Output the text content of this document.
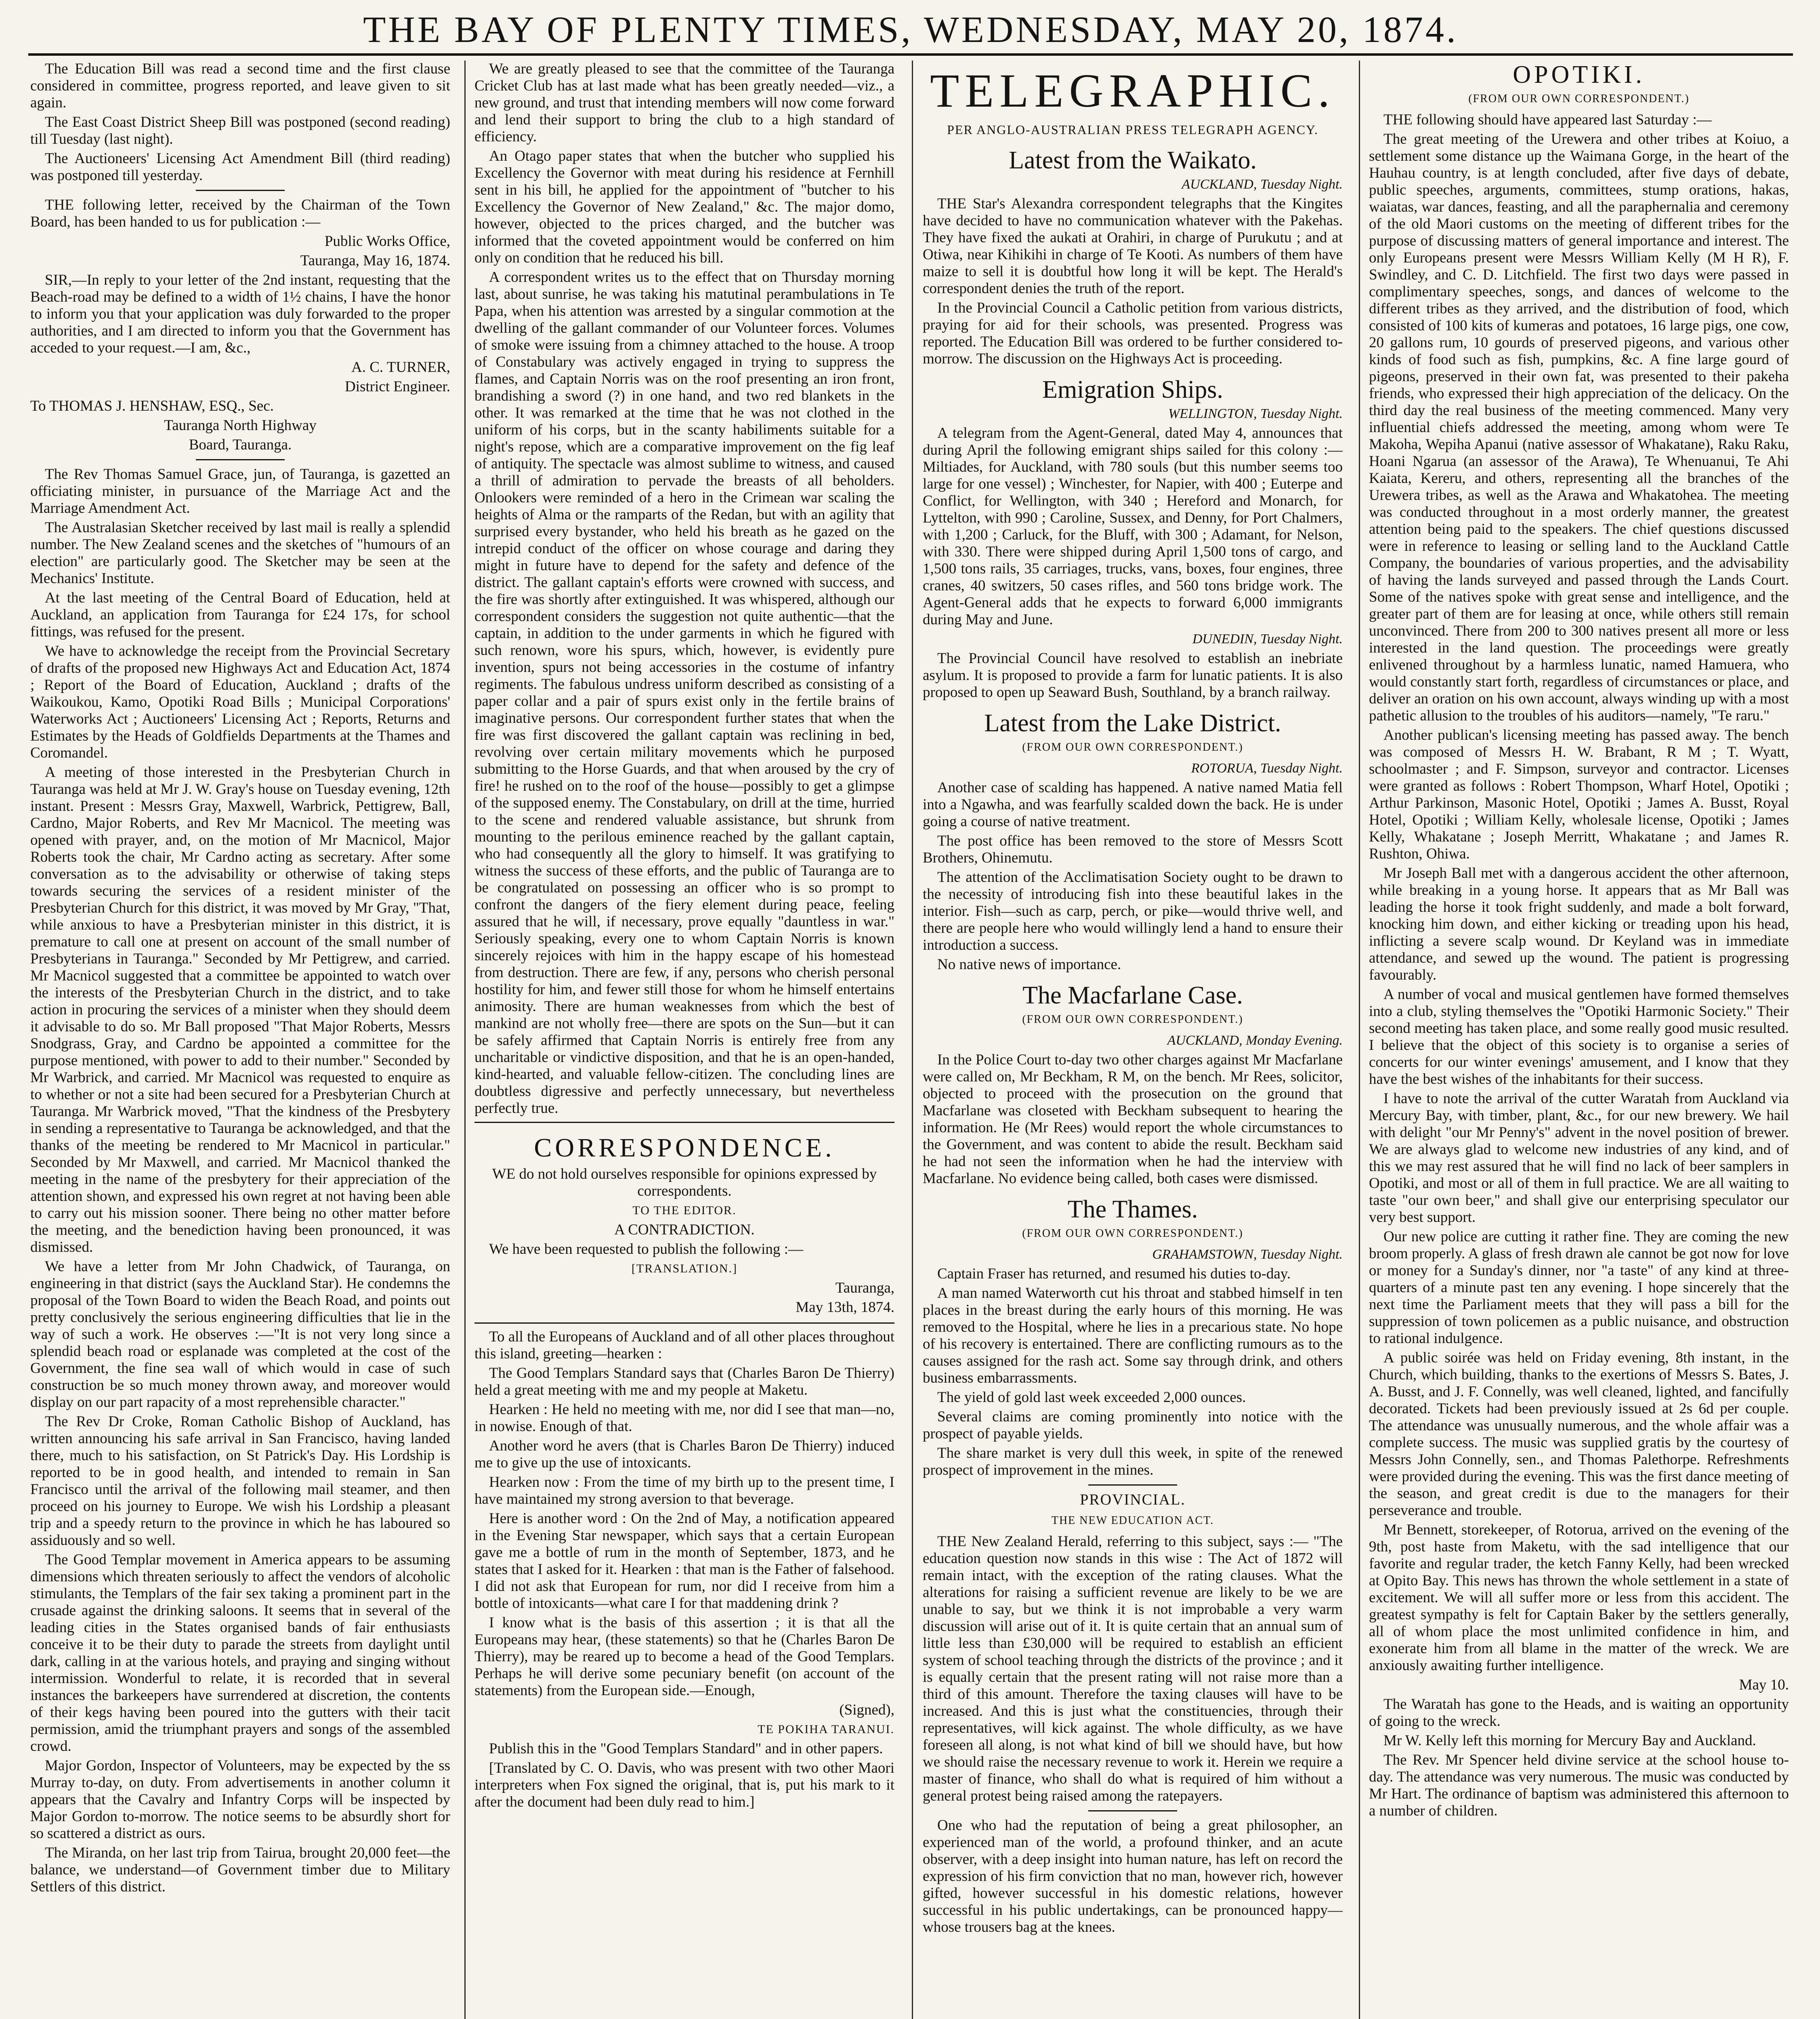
THE BAY OF PLENTY TIMES, WEDNESDAY, MAY 20, 1874.

The Education Bill was read a second time and the first clause considered in committee, progress reported, and leave given to sit again.

The East Coast District Sheep Bill was postponed (second reading) till Tuesday (last night).

The Auctioneers' Licensing Act Amendment Bill (third reading) was postponed till yesterday.

THE following letter, received by the Chairman of the Town Board, has been handed to us for publication :—

Public Works Office,

Tauranga, May 16, 1874.

SIR,—In reply to your letter of the 2nd instant, requesting that the Beach-road may be defined to a width of 1½ chains, I have the honor to inform you that your application was duly forwarded to the proper authorities, and I am directed to inform you that the Government has acceded to your request.—I am, &c.,

A. C. TURNER,

District Engineer.

To THOMAS J. HENSHAW, ESQ., Sec.

Tauranga North Highway

Board, Tauranga.

The Rev Thomas Samuel Grace, jun, of Tauranga, is gazetted an officiating minister, in pursuance of the Marriage Act and the Marriage Amendment Act.

The Australasian Sketcher received by last mail is really a splendid number. The New Zealand scenes and the sketches of "humours of an election" are particularly good. The Sketcher may be seen at the Mechanics' Institute.

At the last meeting of the Central Board of Education, held at Auckland, an application from Tauranga for £24 17s, for school fittings, was refused for the present.

We have to acknowledge the receipt from the Provincial Secretary of drafts of the proposed new Highways Act and Education Act, 1874 ; Report of the Board of Education, Auckland ; drafts of the Waikoukou, Kamo, Opotiki Road Bills ; Municipal Corporations' Waterworks Act ; Auctioneers' Licensing Act ; Reports, Returns and Estimates by the Heads of Goldfields Departments at the Thames and Coromandel.

A meeting of those interested in the Presbyterian Church in Tauranga was held at Mr J. W. Gray's house on Tuesday evening, 12th instant. Present : Messrs Gray, Maxwell, Warbrick, Pettigrew, Ball, Cardno, Major Roberts, and Rev Mr Macnicol. The meeting was opened with prayer, and, on the motion of Mr Macnicol, Major Roberts took the chair, Mr Cardno acting as secretary. After some conversation as to the advisability or otherwise of taking steps towards securing the services of a resident minister of the Presbyterian Church for this district, it was moved by Mr Gray, "That, while anxious to have a Presbyterian minister in this district, it is premature to call one at present on account of the small number of Presbyterians in Tauranga." Seconded by Mr Pettigrew, and carried. Mr Macnicol suggested that a committee be appointed to watch over the interests of the Presbyterian Church in the district, and to take action in procuring the services of a minister when they should deem it advisable to do so. Mr Ball proposed "That Major Roberts, Messrs Snodgrass, Gray, and Cardno be appointed a committee for the purpose mentioned, with power to add to their number." Seconded by Mr Warbrick, and carried. Mr Macnicol was requested to enquire as to whether or not a site had been secured for a Presbyterian Church at Tauranga. Mr Warbrick moved, "That the kindness of the Presbytery in sending a representative to Tauranga be acknowledged, and that the thanks of the meeting be rendered to Mr Macnicol in particular." Seconded by Mr Maxwell, and carried. Mr Macnicol thanked the meeting in the name of the presbytery for their appreciation of the attention shown, and expressed his own regret at not having been able to carry out his mission sooner. There being no other matter before the meeting, and the benediction having been pronounced, it was dismissed.

We have a letter from Mr John Chadwick, of Tauranga, on engineering in that district (says the Auckland Star). He condemns the proposal of the Town Board to widen the Beach Road, and points out pretty conclusively the serious engineering difficulties that lie in the way of such a work. He observes :—"It is not very long since a splendid beach road or esplanade was completed at the cost of the Government, the fine sea wall of which would in case of such construction be so much money thrown away, and moreover would display on our part rapacity of a most reprehensible character."

The Rev Dr Croke, Roman Catholic Bishop of Auckland, has written announcing his safe arrival in San Francisco, having landed there, much to his satisfaction, on St Patrick's Day. His Lordship is reported to be in good health, and intended to remain in San Francisco until the arrival of the following mail steamer, and then proceed on his journey to Europe. We wish his Lordship a pleasant trip and a speedy return to the province in which he has laboured so assiduously and so well.

The Good Templar movement in America appears to be assuming dimensions which threaten seriously to affect the vendors of alcoholic stimulants, the Templars of the fair sex taking a prominent part in the crusade against the drinking saloons. It seems that in several of the leading cities in the States organised bands of fair enthusiasts conceive it to be their duty to parade the streets from daylight until dark, calling in at the various hotels, and praying and singing without intermission. Wonderful to relate, it is recorded that in several instances the barkeepers have surrendered at discretion, the contents of their kegs having been poured into the gutters with their tacit permission, amid the triumphant prayers and songs of the assembled crowd.

Major Gordon, Inspector of Volunteers, may be expected by the ss Murray to-day, on duty. From advertisements in another column it appears that the Cavalry and Infantry Corps will be inspected by Major Gordon to-morrow. The notice seems to be absurdly short for so scattered a district as ours.

The Miranda, on her last trip from Tairua, brought 20,000 feet—the balance, we understand—of Government timber due to Military Settlers of this district.

We are greatly pleased to see that the committee of the Tauranga Cricket Club has at last made what has been greatly needed—viz., a new ground, and trust that intending members will now come forward and lend their support to bring the club to a high standard of efficiency.

An Otago paper states that when the butcher who supplied his Excellency the Governor with meat during his residence at Fernhill sent in his bill, he applied for the appointment of "butcher to his Excellency the Governor of New Zealand," &c. The major domo, however, objected to the prices charged, and the butcher was informed that the coveted appointment would be conferred on him only on condition that he reduced his bill.

A correspondent writes us to the effect that on Thursday morning last, about sunrise, he was taking his matutinal perambulations in Te Papa, when his attention was arrested by a singular commotion at the dwelling of the gallant commander of our Volunteer forces. Volumes of smoke were issuing from a chimney attached to the house. A troop of Constabulary was actively engaged in trying to suppress the flames, and Captain Norris was on the roof presenting an iron front, brandishing a sword (?) in one hand, and two red blankets in the other. It was remarked at the time that he was not clothed in the uniform of his corps, but in the scanty habiliments suitable for a night's repose, which are a comparative improvement on the fig leaf of antiquity. The spectacle was almost sublime to witness, and caused a thrill of admiration to pervade the breasts of all beholders. Onlookers were reminded of a hero in the Crimean war scaling the heights of Alma or the ramparts of the Redan, but with an agility that surprised every bystander, who held his breath as he gazed on the intrepid conduct of the officer on whose courage and daring they might in future have to depend for the safety and defence of the district. The gallant captain's efforts were crowned with success, and the fire was shortly after extinguished. It was whispered, although our correspondent considers the suggestion not quite authentic—that the captain, in addition to the under garments in which he figured with such renown, wore his spurs, which, however, is evidently pure invention, spurs not being accessories in the costume of infantry regiments. The fabulous undress uniform described as consisting of a paper collar and a pair of spurs exist only in the fertile brains of imaginative persons. Our correspondent further states that when the fire was first discovered the gallant captain was reclining in bed, revolving over certain military movements which he purposed submitting to the Horse Guards, and that when aroused by the cry of fire! he rushed on to the roof of the house—possibly to get a glimpse of the supposed enemy. The Constabulary, on drill at the time, hurried to the scene and rendered valuable assistance, but shrunk from mounting to the perilous eminence reached by the gallant captain, who had consequently all the glory to himself. It was gratifying to witness the success of these efforts, and the public of Tauranga are to be congratulated on possessing an officer who is so prompt to confront the dangers of the fiery element during peace, feeling assured that he will, if necessary, prove equally "dauntless in war." Seriously speaking, every one to whom Captain Norris is known sincerely rejoices with him in the happy escape of his homestead from destruction. There are few, if any, persons who cherish personal hostility for him, and fewer still those for whom he himself entertains animosity. There are human weaknesses from which the best of mankind are not wholly free—there are spots on the Sun—but it can be safely affirmed that Captain Norris is entirely free from any uncharitable or vindictive disposition, and that he is an open-handed, kind-hearted, and valuable fellow-citizen. The concluding lines are doubtless digressive and perfectly unnecessary, but nevertheless perfectly true.

CORRESPONDENCE.

WE do not hold ourselves responsible for opinions expressed by correspondents.

TO THE EDITOR.

A CONTRADICTION.

We have been requested to publish the following :—

[TRANSLATION.]

Tauranga,

May 13th, 1874.

To all the Europeans of Auckland and of all other places throughout this island, greeting—hearken :

The Good Templars Standard says that (Charles Baron De Thierry) held a great meeting with me and my people at Maketu.

Hearken : He held no meeting with me, nor did I see that man—no, in nowise. Enough of that.

Another word he avers (that is Charles Baron De Thierry) induced me to give up the use of intoxicants.

Hearken now : From the time of my birth up to the present time, I have maintained my strong aversion to that beverage.

Here is another word : On the 2nd of May, a notification appeared in the Evening Star newspaper, which says that a certain European gave me a bottle of rum in the month of September, 1873, and he states that I asked for it. Hearken : that man is the Father of falsehood. I did not ask that European for rum, nor did I receive from him a bottle of intoxicants—what care I for that maddening drink ?

I know what is the basis of this assertion ; it is that all the Europeans may hear, (these statements) so that he (Charles Baron De Thierry), may be reared up to become a head of the Good Templars. Perhaps he will derive some pecuniary benefit (on account of the statements) from the European side.—Enough,

(Signed),

TE POKIHA TARANUI.

Publish this in the "Good Templars Standard" and in other papers.

[Translated by C. O. Davis, who was present with two other Maori interpreters when Fox signed the original, that is, put his mark to it after the document had been duly read to him.]

TELEGRAPHIC.
PER ANGLO-AUSTRALIAN PRESS TELEGRAPH AGENCY.
Latest from the Waikato.

AUCKLAND, Tuesday Night.

THE Star's Alexandra correspondent telegraphs that the Kingites have decided to have no communication whatever with the Pakehas. They have fixed the aukati at Orahiri, in charge of Purukutu ; and at Otiwa, near Kihikihi in charge of Te Kooti. As numbers of them have maize to sell it is doubtful how long it will be kept. The Herald's correspondent denies the truth of the report.

In the Provincial Council a Catholic petition from various districts, praying for aid for their schools, was presented. Progress was reported. The Education Bill was ordered to be further considered to-morrow. The discussion on the Highways Act is proceeding.

Emigration Ships.

WELLINGTON, Tuesday Night.

A telegram from the Agent-General, dated May 4, announces that during April the following emigrant ships sailed for this colony :—Miltiades, for Auckland, with 780 souls (but this number seems too large for one vessel) ; Winchester, for Napier, with 400 ; Euterpe and Conflict, for Wellington, with 340 ; Hereford and Monarch, for Lyttelton, with 990 ; Caroline, Sussex, and Denny, for Port Chalmers, with 1,200 ; Carluck, for the Bluff, with 300 ; Adamant, for Nelson, with 330. There were shipped during April 1,500 tons of cargo, and 1,500 tons rails, 35 carriages, trucks, vans, boxes, four engines, three cranes, 40 switzers, 50 cases rifles, and 560 tons bridge work. The Agent-General adds that he expects to forward 6,000 immigrants during May and June.

DUNEDIN, Tuesday Night.

The Provincial Council have resolved to establish an inebriate asylum. It is proposed to provide a farm for lunatic patients. It is also proposed to open up Seaward Bush, Southland, by a branch railway.

Latest from the Lake District.
(FROM OUR OWN CORRESPONDENT.)

ROTORUA, Tuesday Night.

Another case of scalding has happened. A native named Matia fell into a Ngawha, and was fearfully scalded down the back. He is under going a course of native treatment.

The post office has been removed to the store of Messrs Scott Brothers, Ohinemutu.

The attention of the Acclimatisation Society ought to be drawn to the necessity of introducing fish into these beautiful lakes in the interior. Fish—such as carp, perch, or pike—would thrive well, and there are people here who would willingly lend a hand to ensure their introduction a success.

No native news of importance.

The Macfarlane Case.
(FROM OUR OWN CORRESPONDENT.)

AUCKLAND, Monday Evening.

In the Police Court to-day two other charges against Mr Macfarlane were called on, Mr Beckham, R M, on the bench. Mr Rees, solicitor, objected to proceed with the prosecution on the ground that Macfarlane was closeted with Beckham subsequent to hearing the information. He (Mr Rees) would report the whole circumstances to the Government, and was content to abide the result. Beckham said he had not seen the information when he had the interview with Macfarlane. No evidence being called, both cases were dismissed.

The Thames.
(FROM OUR OWN CORRESPONDENT.)

GRAHAMSTOWN, Tuesday Night.

Captain Fraser has returned, and resumed his duties to-day.

A man named Waterworth cut his throat and stabbed himself in ten places in the breast during the early hours of this morning. He was removed to the Hospital, where he lies in a precarious state. No hope of his recovery is entertained. There are conflicting rumours as to the causes assigned for the rash act. Some say through drink, and others business embarrassments.

The yield of gold last week exceeded 2,000 ounces.

Several claims are coming prominently into notice with the prospect of payable yields.

The share market is very dull this week, in spite of the renewed prospect of improvement in the mines.

PROVINCIAL.
THE NEW EDUCATION ACT.

THE New Zealand Herald, referring to this subject, says :— "The education question now stands in this wise : The Act of 1872 will remain intact, with the exception of the rating clauses. What the alterations for raising a sufficient revenue are likely to be we are unable to say, but we think it is not improbable a very warm discussion will arise out of it. It is quite certain that an annual sum of little less than £30,000 will be required to establish an efficient system of school teaching through the districts of the province ; and it is equally certain that the present rating will not raise more than a third of this amount. Therefore the taxing clauses will have to be increased. And this is just what the constituencies, through their representatives, will kick against. The whole difficulty, as we have foreseen all along, is not what kind of bill we should have, but how we should raise the necessary revenue to work it. Herein we require a master of finance, who shall do what is required of him without a general protest being raised among the ratepayers.

One who had the reputation of being a great philosopher, an experienced man of the world, a profound thinker, and an acute observer, with a deep insight into human nature, has left on record the expression of his firm conviction that no man, however rich, however gifted, however successful in his domestic relations, however successful in his public undertakings, can be pronounced happy—whose trousers bag at the knees.

OPOTIKI.
(FROM OUR OWN CORRESPONDENT.)

THE following should have appeared last Saturday :—

The great meeting of the Urewera and other tribes at Koiuo, a settlement some distance up the Waimana Gorge, in the heart of the Hauhau country, is at length concluded, after five days of debate, public speeches, arguments, committees, stump orations, hakas, waiatas, war dances, feasting, and all the paraphernalia and ceremony of the old Maori customs on the meeting of different tribes for the purpose of discussing matters of general importance and interest. The only Europeans present were Messrs William Kelly (M H R), F. Swindley, and C. D. Litchfield. The first two days were passed in complimentary speeches, songs, and dances of welcome to the different tribes as they arrived, and the distribution of food, which consisted of 100 kits of kumeras and potatoes, 16 large pigs, one cow, 20 gallons rum, 10 gourds of preserved pigeons, and various other kinds of food such as fish, pumpkins, &c. A fine large gourd of pigeons, preserved in their own fat, was presented to their pakeha friends, who expressed their high appreciation of the delicacy. On the third day the real business of the meeting commenced. Many very influential chiefs addressed the meeting, among whom were Te Makoha, Wepiha Apanui (native assessor of Whakatane), Raku Raku, Hoani Ngarua (an assessor of the Arawa), Te Whenuanui, Te Ahi Kaiata, Kereru, and others, representing all the branches of the Urewera tribes, as well as the Arawa and Whakatohea. The meeting was conducted throughout in a most orderly manner, the greatest attention being paid to the speakers. The chief questions discussed were in reference to leasing or selling land to the Auckland Cattle Company, the boundaries of various properties, and the advisability of having the lands surveyed and passed through the Lands Court. Some of the natives spoke with great sense and intelligence, and the greater part of them are for leasing at once, while others still remain unconvinced. There from 200 to 300 natives present all more or less interested in the land question. The proceedings were greatly enlivened throughout by a harmless lunatic, named Hamuera, who would constantly start forth, regardless of circumstances or place, and deliver an oration on his own account, always winding up with a most pathetic allusion to the troubles of his auditors—namely, "Te raru."

Another publican's licensing meeting has passed away. The bench was composed of Messrs H. W. Brabant, R M ; T. Wyatt, schoolmaster ; and F. Simpson, surveyor and contractor. Licenses were granted as follows : Robert Thompson, Wharf Hotel, Opotiki ; Arthur Parkinson, Masonic Hotel, Opotiki ; James A. Busst, Royal Hotel, Opotiki ; William Kelly, wholesale license, Opotiki ; James Kelly, Whakatane ; Joseph Merritt, Whakatane ; and James R. Rushton, Ohiwa.

Mr Joseph Ball met with a dangerous accident the other afternoon, while breaking in a young horse. It appears that as Mr Ball was leading the horse it took fright suddenly, and made a bolt forward, knocking him down, and either kicking or treading upon his head, inflicting a severe scalp wound. Dr Keyland was in immediate attendance, and sewed up the wound. The patient is progressing favourably.

A number of vocal and musical gentlemen have formed themselves into a club, styling themselves the "Opotiki Harmonic Society." Their second meeting has taken place, and some really good music resulted. I believe that the object of this society is to organise a series of concerts for our winter evenings' amusement, and I know that they have the best wishes of the inhabitants for their success.

I have to note the arrival of the cutter Waratah from Auckland via Mercury Bay, with timber, plant, &c., for our new brewery. We hail with delight "our Mr Penny's" advent in the novel position of brewer. We are always glad to welcome new industries of any kind, and of this we may rest assured that he will find no lack of beer samplers in Opotiki, and most or all of them in full practice. We are all waiting to taste "our own beer," and shall give our enterprising speculator our very best support.

Our new police are cutting it rather fine. They are coming the new broom properly. A glass of fresh drawn ale cannot be got now for love or money for a Sunday's dinner, nor "a taste" of any kind at three-quarters of a minute past ten any evening. I hope sincerely that the next time the Parliament meets that they will pass a bill for the suppression of town policemen as a public nuisance, and obstruction to rational indulgence.

A public soirée was held on Friday evening, 8th instant, in the Church, which building, thanks to the exertions of Messrs S. Bates, J. A. Busst, and J. F. Connelly, was well cleaned, lighted, and fancifully decorated. Tickets had been previously issued at 2s 6d per couple. The attendance was unusually numerous, and the whole affair was a complete success. The music was supplied gratis by the courtesy of Messrs John Connelly, sen., and Thomas Palethorpe. Refreshments were provided during the evening. This was the first dance meeting of the season, and great credit is due to the managers for their perseverance and trouble.

Mr Bennett, storekeeper, of Rotorua, arrived on the evening of the 9th, post haste from Maketu, with the sad intelligence that our favorite and regular trader, the ketch Fanny Kelly, had been wrecked at Opito Bay. This news has thrown the whole settlement in a state of excitement. We will all suffer more or less from this accident. The greatest sympathy is felt for Captain Baker by the settlers generally, all of whom place the most unlimited confidence in him, and exonerate him from all blame in the matter of the wreck. We are anxiously awaiting further intelligence.

May 10.

The Waratah has gone to the Heads, and is waiting an opportunity of going to the wreck.

Mr W. Kelly left this morning for Mercury Bay and Auckland.

The Rev. Mr Spencer held divine service at the school house to-day. The attendance was very numerous. The music was conducted by Mr Hart. The ordinance of baptism was administered this afternoon to a number of children.
